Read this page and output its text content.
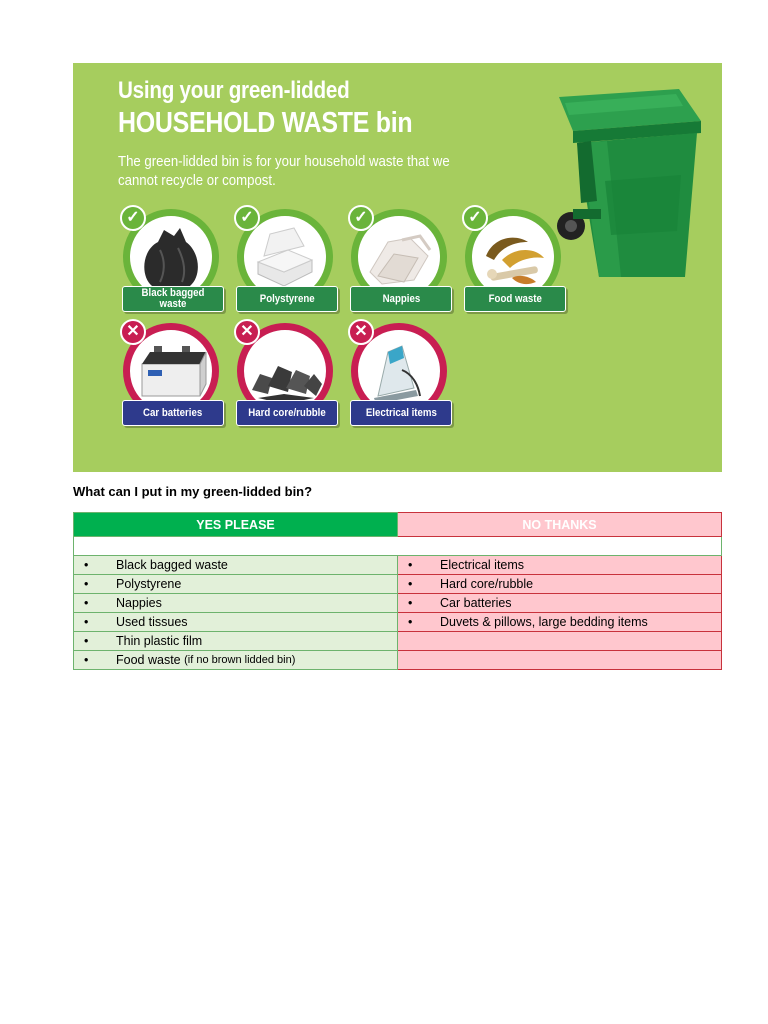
Using your green-lidded
HOUSEHOLD WASTE bin
The green-lidded bin is for your household waste that we cannot recycle or compost.
✓
Black bagged waste
✓
Polystyrene
✓
Nappies
✓
Food waste
✕
Car batteries
✕
Hard core/rubble
✕
Electrical items
What can I put in my green-lidded bin?
YES PLEASE	NO THANKS

• Black bagged waste	• Electrical items

• Polystyrene	• Hard core/rubble

• Nappies	• Car batteries

• Used tissues	• Duvets & pillows, large bedding items

• Thin plastic film	

• Food waste
(if no brown lidded bin)	
